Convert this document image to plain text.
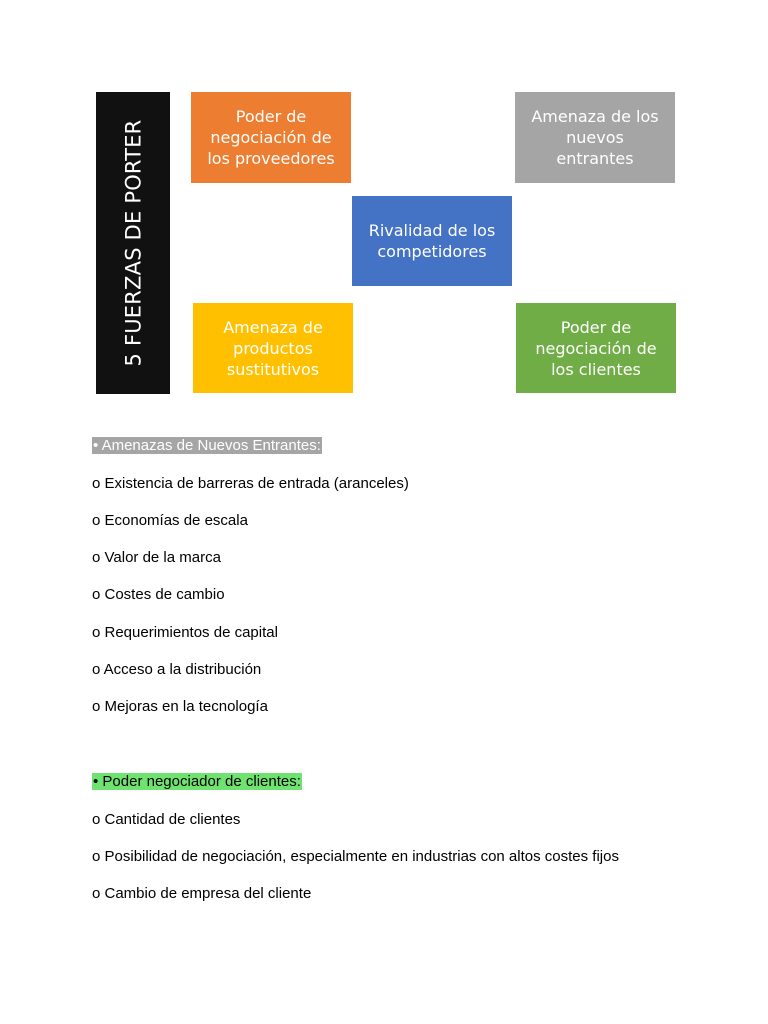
5 FUERZAS DE PORTER
Poder de negociación de los proveedores
Amenaza de los nuevos entrantes
Rivalidad de los competidores
Amenaza de productos sustitutivos
Poder de negociación de los clientes
• Amenazas de Nuevos Entrantes:
o Existencia de barreras de entrada (aranceles)
o Economías de escala
o Valor de la marca
o Costes de cambio
o Requerimientos de capital
o Acceso a la distribución
o Mejoras en la tecnología
• Poder negociador de clientes:
o Cantidad de clientes
o Posibilidad de negociación, especialmente en industrias con altos costes fijos
o Cambio de empresa del cliente
